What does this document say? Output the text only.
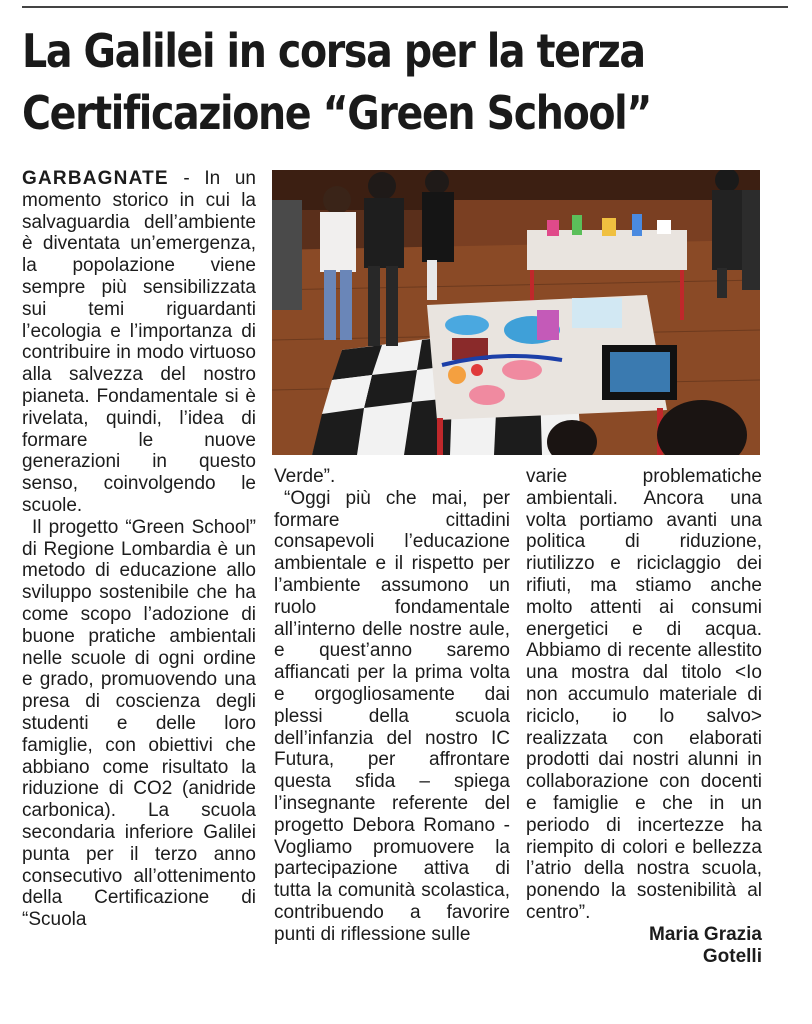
La Galilei in corsa per la terza
Certificazione “Green School”

GARBAGNATE - In un momento storico in cui la salvaguardia dell’ambiente è diventata un’emergenza, la popolazione viene sempre più sensibilizzata sui temi riguardanti l’ecologia e l’importanza di contribuire in modo virtuoso alla salvezza del nostro pianeta. Fondamentale si è rivelata, quindi, l’idea di formare le nuove generazioni in questo senso, coinvolgendo le scuole.

Il progetto “Green School” di Regione Lombardia è un metodo di educazione allo sviluppo sostenibile che ha come scopo l’adozione di buone pratiche ambientali nelle scuole di ogni ordine e grado, promuovendo una presa di coscienza degli studenti e delle loro famiglie, con obiettivi che abbiano come risultato la riduzione di CO2 (anidride carbonica). La scuola secondaria inferiore Galilei punta per il terzo anno consecutivo all’ottenimento della Certificazione di “Scuola

Verde”.

“Oggi più che mai, per formare cittadini consapevoli l’educazione ambientale e il rispetto per l’ambiente assumono un ruolo fondamentale all’interno delle nostre aule, e quest’anno saremo affiancati per la prima volta e orgogliosamente dai plessi della scuola dell’infanzia del nostro IC Futura, per affrontare questa sfida – spiega l’insegnante referente del progetto Debora Romano - Vogliamo promuovere la partecipazione attiva di tutta la comunità scolastica, contribuendo a favorire punti di riflessione sulle

varie problematiche ambientali. Ancora una volta portiamo avanti una politica di riduzione, riutilizzo e riciclaggio dei rifiuti, ma stiamo anche molto attenti ai consumi energetici e di acqua. Abbiamo di recente allestito una mostra dal titolo <Io non accumulo materiale di riciclo, io lo salvo> realizzata con elaborati prodotti dai nostri alunni in collaborazione con docenti e famiglie e che in un periodo di incertezze ha riempito di colori e bellezza l’atrio della nostra scuola, ponendo la sostenibilità al centro”.

Maria Grazia
Gotelli
